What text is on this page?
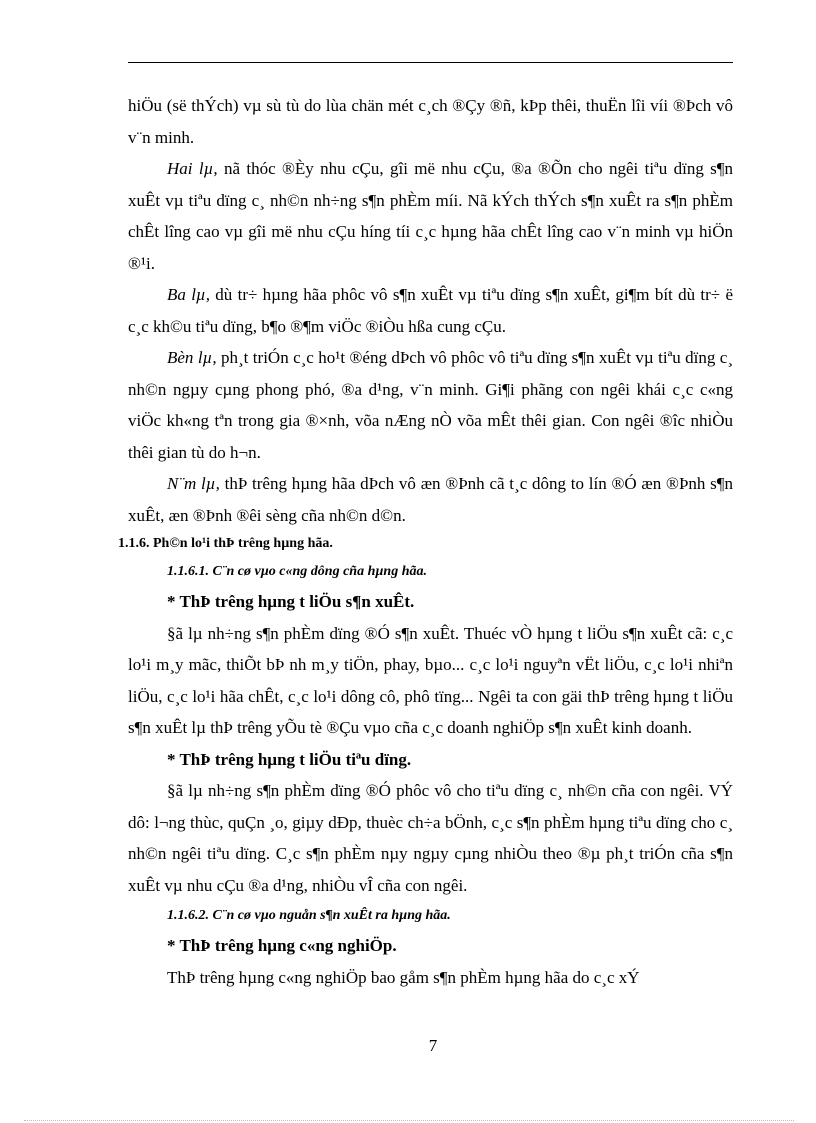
hiÖu (së thÝch) vµ sù tù do lùa chän mét c¸ch ®Çy ®ñ, kÞp thêi, thuËn lîi víi ®Þch vô v¨n minh.

Hai lµ, nã thóc ®Èy nhu cÇu, gîi më nhu cÇu, ®a ®Õn cho ngêi tiªu dïng s¶n xuÊt vµ tiªu dïng c¸ nh©n nh÷ng s¶n phÈm míi. Nã kÝch thÝch s¶n xuÊt ra s¶n phÈm chÊt lîng cao vµ gîi më nhu cÇu híng tíi c¸c hµng hãa chÊt lîng cao v¨n minh vµ hiÖn ®¹i.

Ba lµ, dù tr÷ hµng hãa phôc vô s¶n xuÊt vµ tiªu dïng s¶n xuÊt, gi¶m bít dù tr÷ ë c¸c kh©u tiªu dïng, b¶o ®¶m viÖc ®iÒu hßa cung cÇu.

Bèn lµ, ph¸t triÓn c¸c ho¹t ®éng dÞch vô phôc vô tiªu dïng s¶n xuÊt vµ tiªu dïng c¸ nh©n ngµy cµng phong phó, ®a d¹ng, v¨n minh. Gi¶i phãng con ngêi khái c¸c c«ng viÖc kh«ng tªn trong gia ®×nh, võa nÆng nÒ võa mÊt thêi gian. Con ngêi ®îc nhiÒu thêi gian tù do h¬n.

N¨m lµ, thÞ trêng hµng hãa dÞch vô æn ®Þnh cã t¸c dông to lín ®Ó æn ®Þnh s¶n xuÊt, æn ®Þnh ®êi sèng cña nh©n d©n.

1.1.6. Ph©n lo¹i thÞ trêng hµng hãa.

1.1.6.1. C¨n cø vµo c«ng dông cña hµng hãa.

* ThÞ trêng hµng t liÖu s¶n xuÊt.

§ã lµ nh÷ng s¶n phÈm dïng ®Ó s¶n xuÊt. Thuéc vÒ hµng t liÖu s¶n xuÊt cã: c¸c lo¹i m¸y mãc, thiÕt bÞ nh m¸y tiÖn, phay, bµo... c¸c lo¹i nguyªn vËt liÖu, c¸c lo¹i nhiªn liÖu, c¸c lo¹i hãa chÊt, c¸c lo¹i dông cô, phô tïng... Ngêi ta con gäi thÞ trêng hµng t liÖu s¶n xuÊt lµ thÞ trêng yÕu tè ®Çu vµo cña c¸c doanh nghiÖp s¶n xuÊt kinh doanh.

* ThÞ trêng hµng t liÖu tiªu dïng.

§ã lµ nh÷ng s¶n phÈm dïng ®Ó phôc vô cho tiªu dïng c¸ nh©n cña con ngêi. VÝ dô: l¬ng thùc, quÇn ¸o, giµy dÐp, thuèc ch÷a bÖnh, c¸c s¶n phÈm hµng tiªu dïng cho c¸ nh©n ngêi tiªu dïng. C¸c s¶n phÈm nµy ngµy cµng nhiÒu theo ®µ ph¸t triÓn cña s¶n xuÊt vµ nhu cÇu ®a d¹ng, nhiÒu vÎ cña con ngêi.

1.1.6.2. C¨n cø vµo nguån s¶n xuÊt ra hµng hãa.

* ThÞ trêng hµng c«ng nghiÖp.

ThÞ trêng hµng c«ng nghiÖp bao gåm s¶n phÈm hµng hãa do c¸c xÝ

7
